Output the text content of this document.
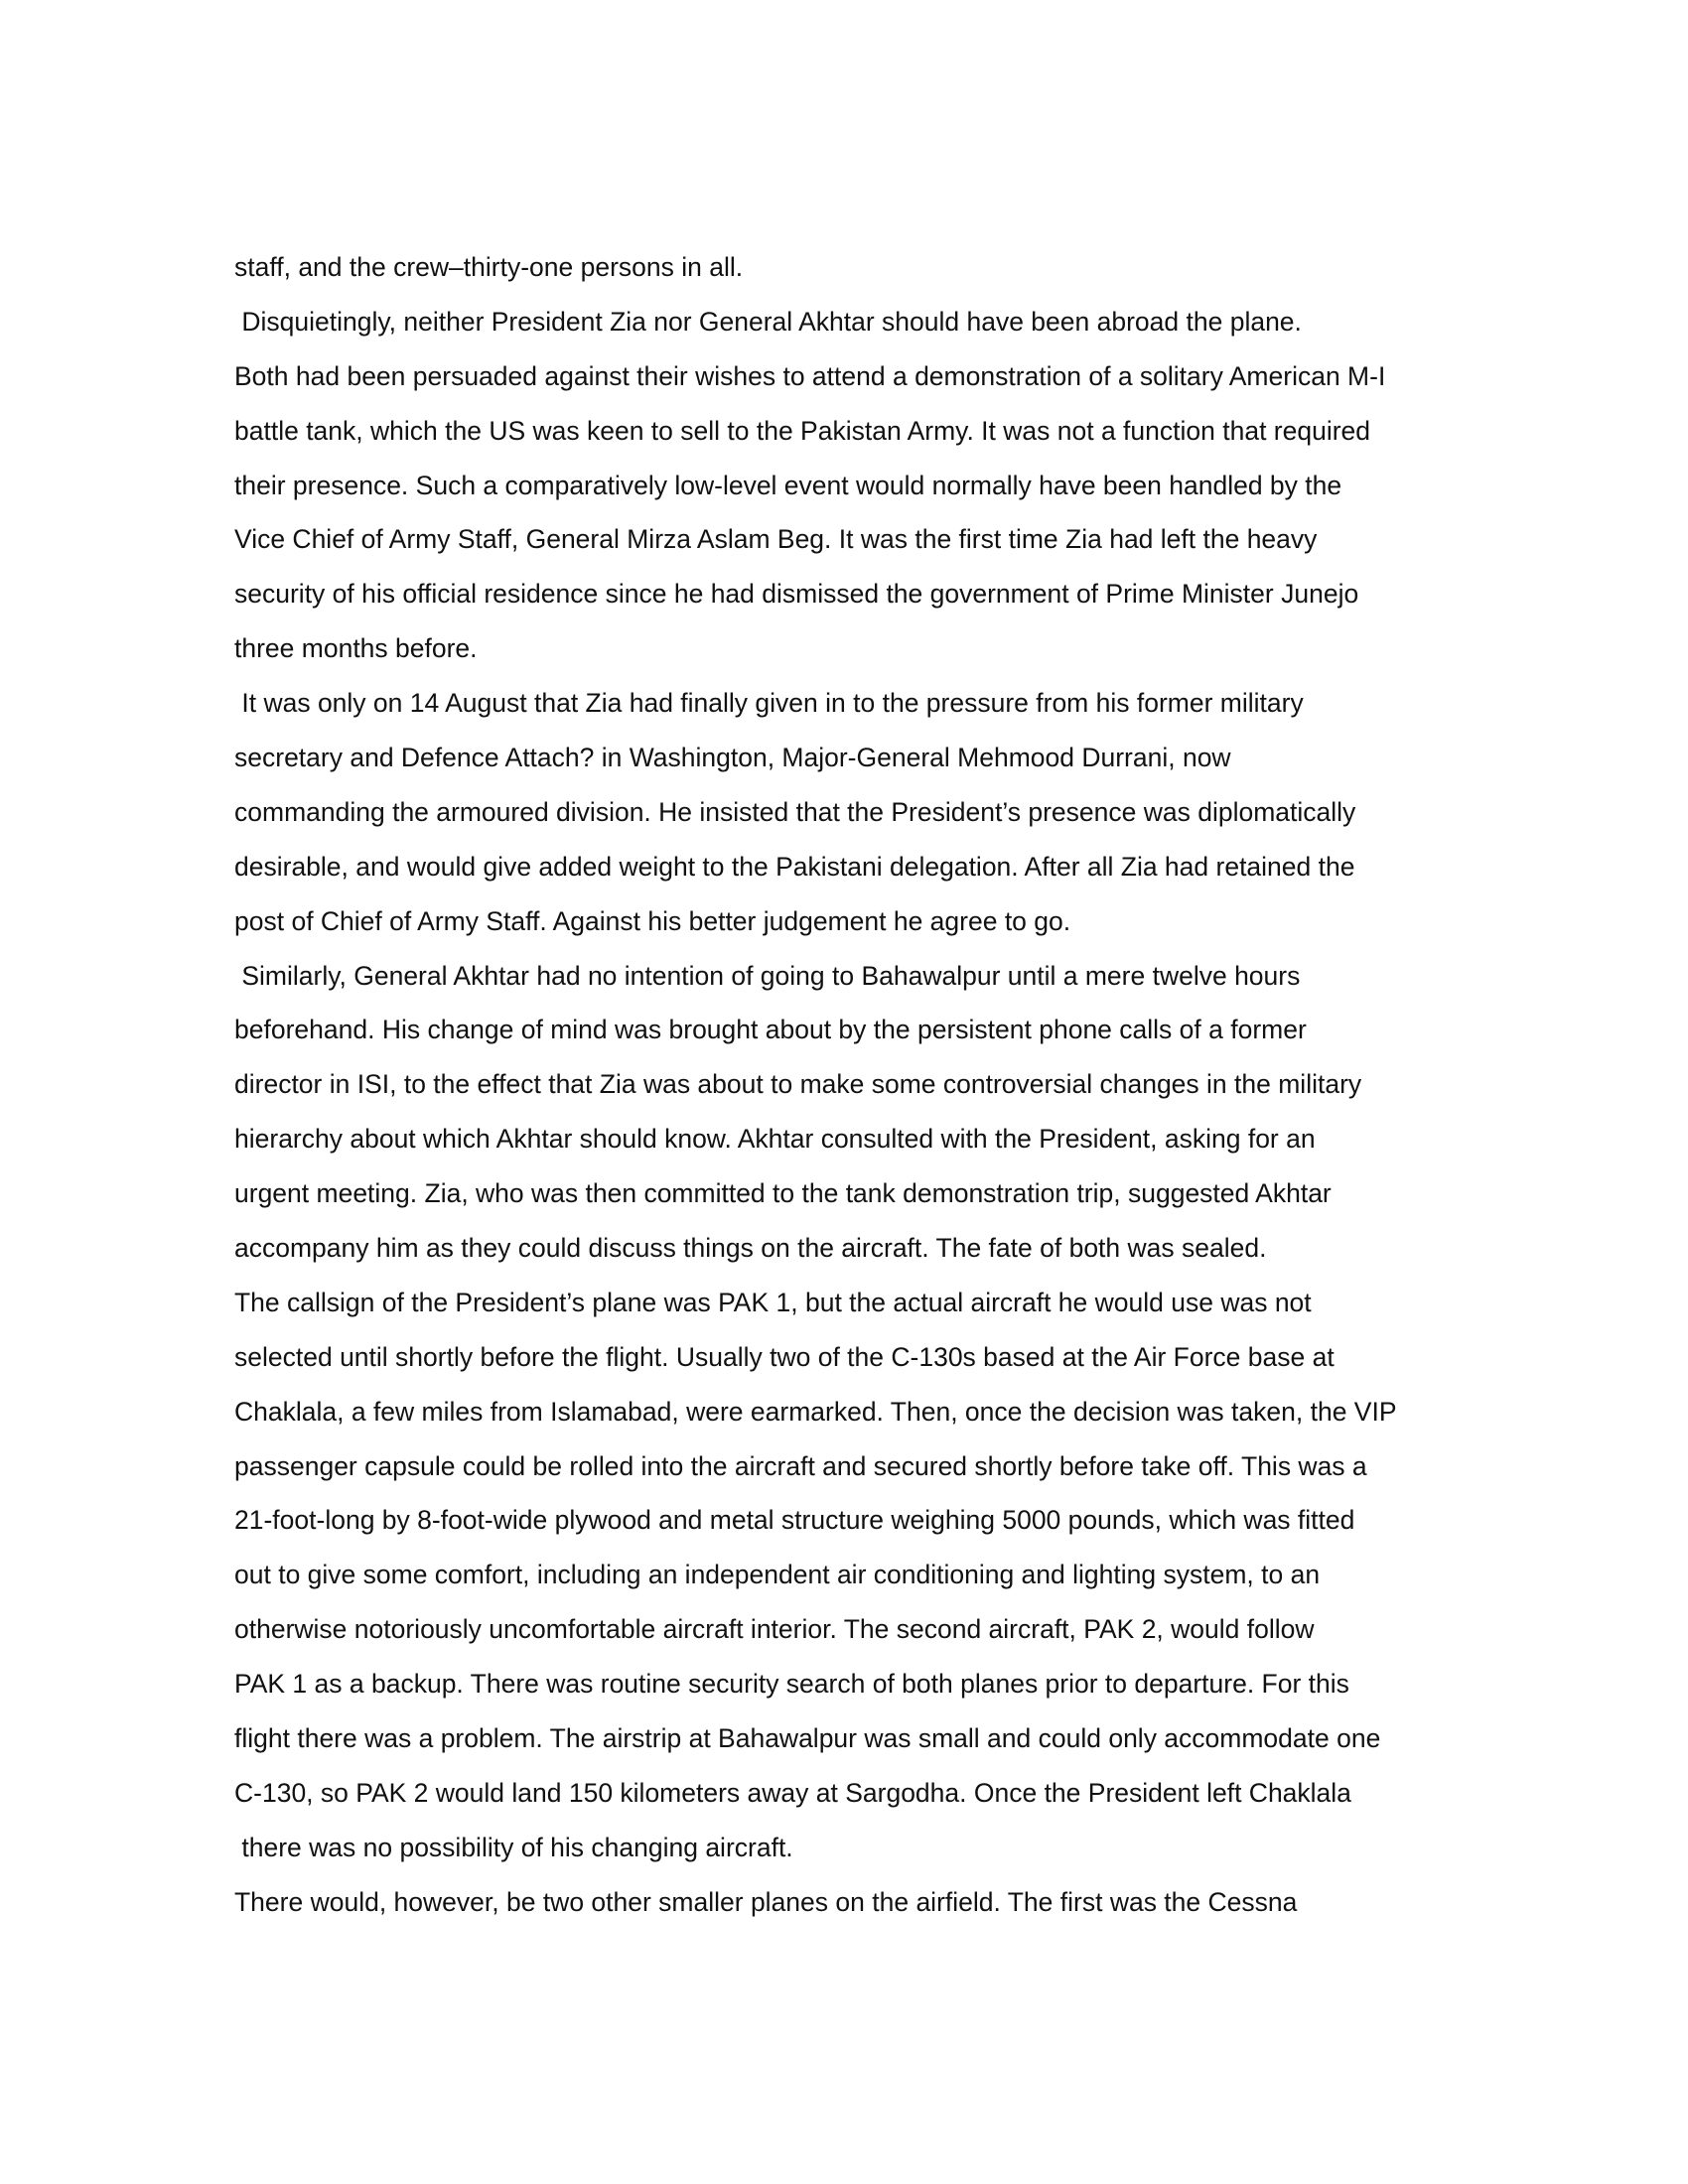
staff, and the crew–thirty-one persons in all.
Disquietingly, neither President Zia nor General Akhtar should have been abroad the plane.
Both had been persuaded against their wishes to attend a demonstration of a solitary American M-I
battle tank, which the US was keen to sell to the Pakistan Army. It was not a function that required
their presence. Such a comparatively low-level event would normally have been handled by the
Vice Chief of Army Staff, General Mirza Aslam Beg. It was the first time Zia had left the heavy
security of his official residence since he had dismissed the government of Prime Minister Junejo
three months before.
It was only on 14 August that Zia had finally given in to the pressure from his former military
secretary and Defence Attach? in Washington, Major-General Mehmood Durrani, now
commanding the armoured division. He insisted that the President’s presence was diplomatically
desirable, and would give added weight to the Pakistani delegation. After all Zia had retained the
post of Chief of Army Staff. Against his better judgement he agree to go.
Similarly, General Akhtar had no intention of going to Bahawalpur until a mere twelve hours
beforehand. His change of mind was brought about by the persistent phone calls of a former
director in ISI, to the effect that Zia was about to make some controversial changes in the military
hierarchy about which Akhtar should know. Akhtar consulted with the President, asking for an
urgent meeting. Zia, who was then committed to the tank demonstration trip, suggested Akhtar
accompany him as they could discuss things on the aircraft. The fate of both was sealed.
The callsign of the President’s plane was PAK 1, but the actual aircraft he would use was not
selected until shortly before the flight. Usually two of the C-130s based at the Air Force base at
Chaklala, a few miles from Islamabad, were earmarked. Then, once the decision was taken, the VIP
passenger capsule could be rolled into the aircraft and secured shortly before take off. This was a
21-foot-long by 8-foot-wide plywood and metal structure weighing 5000 pounds, which was fitted
out to give some comfort, including an independent air conditioning and lighting system, to an
otherwise notoriously uncomfortable aircraft interior. The second aircraft, PAK 2, would follow
PAK 1 as a backup. There was routine security search of both planes prior to departure. For this
flight there was a problem. The airstrip at Bahawalpur was small and could only accommodate one
C-130, so PAK 2 would land 150 kilometers away at Sargodha. Once the President left Chaklala
there was no possibility of his changing aircraft.
There would, however, be two other smaller planes on the airfield. The first was the Cessna
